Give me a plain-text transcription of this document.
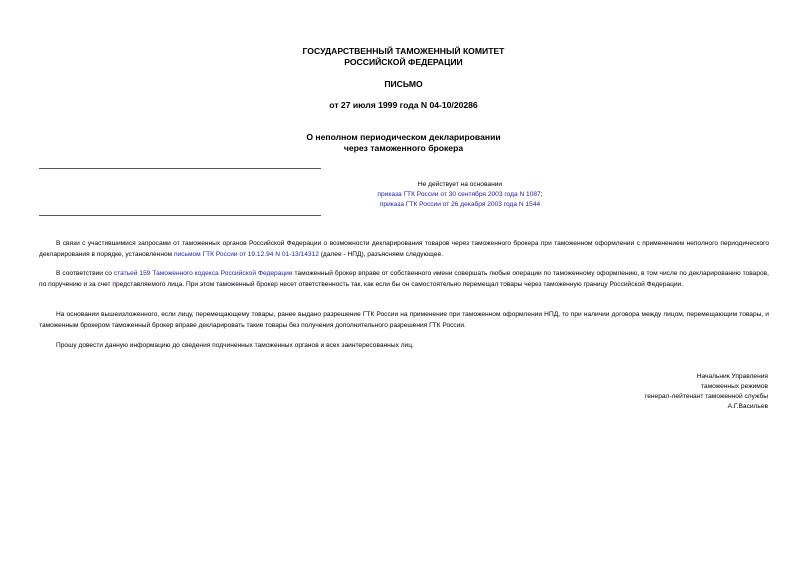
ГОСУДАРСТВЕННЫЙ ТАМОЖЕННЫЙ КОМИТЕТ
РОССИЙСКОЙ ФЕДЕРАЦИИ
ПИСЬМО
от 27 июля 1999 года N 04-10/20286
О неполном периодическом декларировании
через таможенного брокера
Не действует на основании
приказа ГТК России от 30 сентября 2003 года N 1087;
приказа ГТК России от 26 декабря 2003 года N 1544

В связи с участившимися запросами от таможенных органов Российской Федерации о возможности декларирования товаров через таможенного брокера при таможенном оформлении с применением неполного периодического декларирования в порядке, установленном письмом ГТК России от 19.12.94 N 01-13/14312 (далее - НПД), разъясняем следующее.

В соответствии со статьей 159 Таможенного кодекса Российской Федерации таможенный брокер вправе от собственного имени совершать любые операции по таможенному оформлению, в том числе по декларированию товаров, по поручению и за счет представляемого лица. При этом таможенный брокер несет ответственность так, как если бы он самостоятельно перемещал товары через таможенную границу Российской Федерации.

На основании вышеизложенного, если лицу, перемещающему товары, ранее выдано разрешение ГТК России на применение при таможенном оформлении НПД, то при наличии договора между лицом, перемещающим товары, и таможенным брокером таможенный брокер вправе декларировать такие товары без получения дополнительного разрешения ГТК России.

Прошу довести данную информацию до сведения подчиненных таможенных органов и всех заинтересованных лиц.

Начальник Управления
таможенных режимов
генерал-лейтенант таможенной службы
А.Г.Васильев
